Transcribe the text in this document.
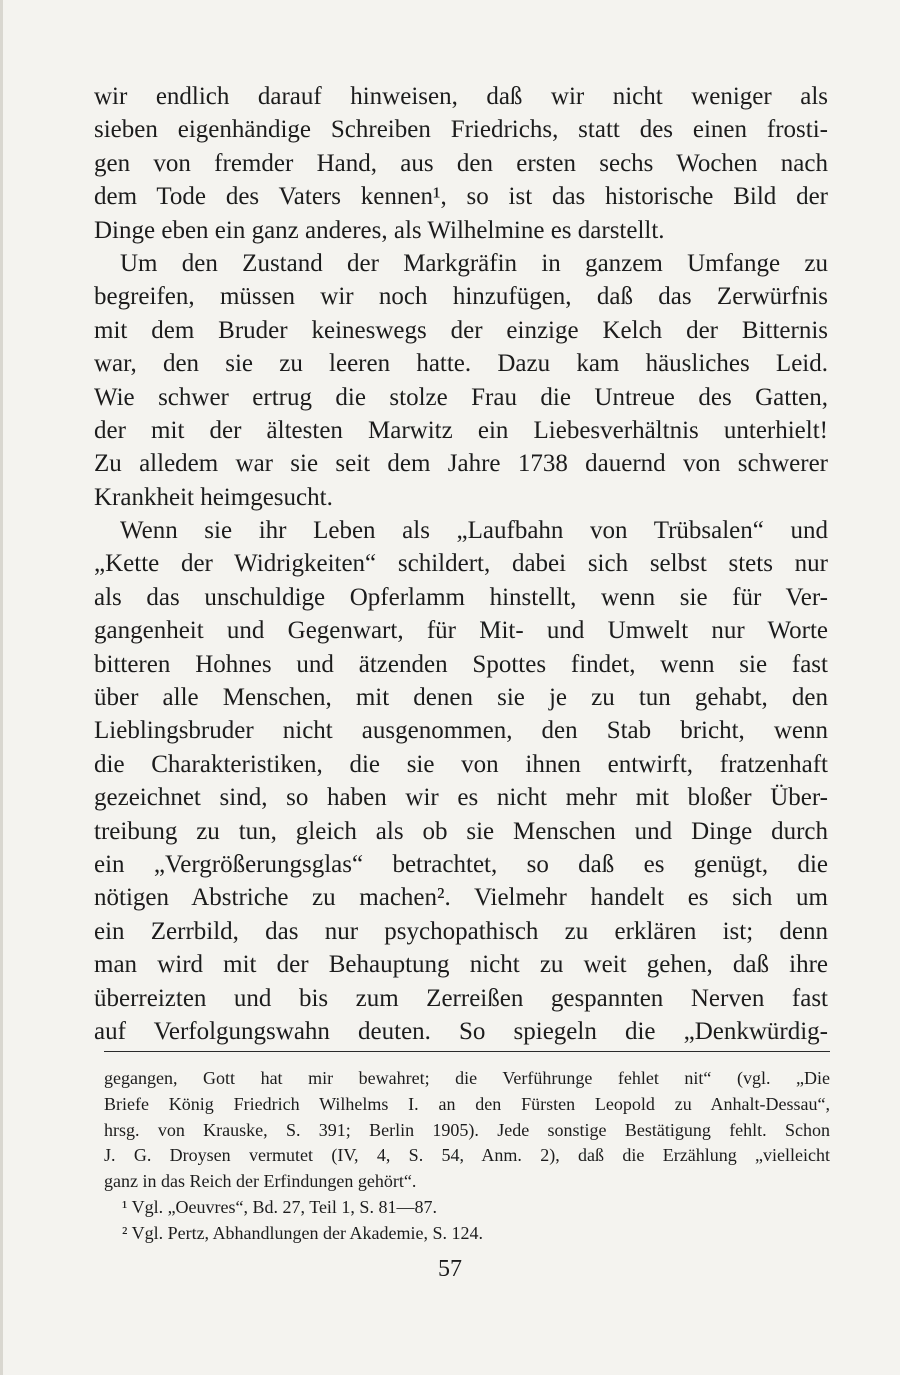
wir endlich darauf hinweisen, daß wir nicht weniger als
sieben eigenhändige Schreiben Friedrichs, statt des einen frosti-
gen von fremder Hand, aus den ersten sechs Wochen nach
dem Tode des Vaters kennen¹, so ist das historische Bild der
Dinge eben ein ganz anderes, als Wilhelmine es darstellt.
Um den Zustand der Markgräfin in ganzem Umfange zu
begreifen, müssen wir noch hinzufügen, daß das Zerwürfnis
mit dem Bruder keineswegs der einzige Kelch der Bitternis
war, den sie zu leeren hatte. Dazu kam häusliches Leid.
Wie schwer ertrug die stolze Frau die Untreue des Gatten,
der mit der ältesten Marwitz ein Liebesverhältnis unterhielt!
Zu alledem war sie seit dem Jahre 1738 dauernd von schwerer
Krankheit heimgesucht.
Wenn sie ihr Leben als „Laufbahn von Trübsalen“ und
„Kette der Widrigkeiten“ schildert, dabei sich selbst stets nur
als das unschuldige Opferlamm hinstellt, wenn sie für Ver-
gangenheit und Gegenwart, für Mit- und Umwelt nur Worte
bitteren Hohnes und ätzenden Spottes findet, wenn sie fast
über alle Menschen, mit denen sie je zu tun gehabt, den
Lieblingsbruder nicht ausgenommen, den Stab bricht, wenn
die Charakteristiken, die sie von ihnen entwirft, fratzenhaft
gezeichnet sind, so haben wir es nicht mehr mit bloßer Über-
treibung zu tun, gleich als ob sie Menschen und Dinge durch
ein „Vergrößerungsglas“ betrachtet, so daß es genügt, die
nötigen Abstriche zu machen². Vielmehr handelt es sich um
ein Zerrbild, das nur psychopathisch zu erklären ist; denn
man wird mit der Behauptung nicht zu weit gehen, daß ihre
überreizten und bis zum Zerreißen gespannten Nerven fast
auf Verfolgungswahn deuten. So spiegeln die „Denkwürdig-
gegangen, Gott hat mir bewahret; die Verführunge fehlet nit“ (vgl. „Die
Briefe König Friedrich Wilhelms I. an den Fürsten Leopold zu Anhalt-Dessau“,
hrsg. von Krauske, S. 391; Berlin 1905). Jede sonstige Bestätigung fehlt. Schon
J. G. Droysen vermutet (IV, 4, S. 54, Anm. 2), daß die Erzählung „vielleicht
ganz in das Reich der Erfindungen gehört“.
¹ Vgl. „Oeuvres“, Bd. 27, Teil 1, S. 81—87.
² Vgl. Pertz, Abhandlungen der Akademie, S. 124.
57
